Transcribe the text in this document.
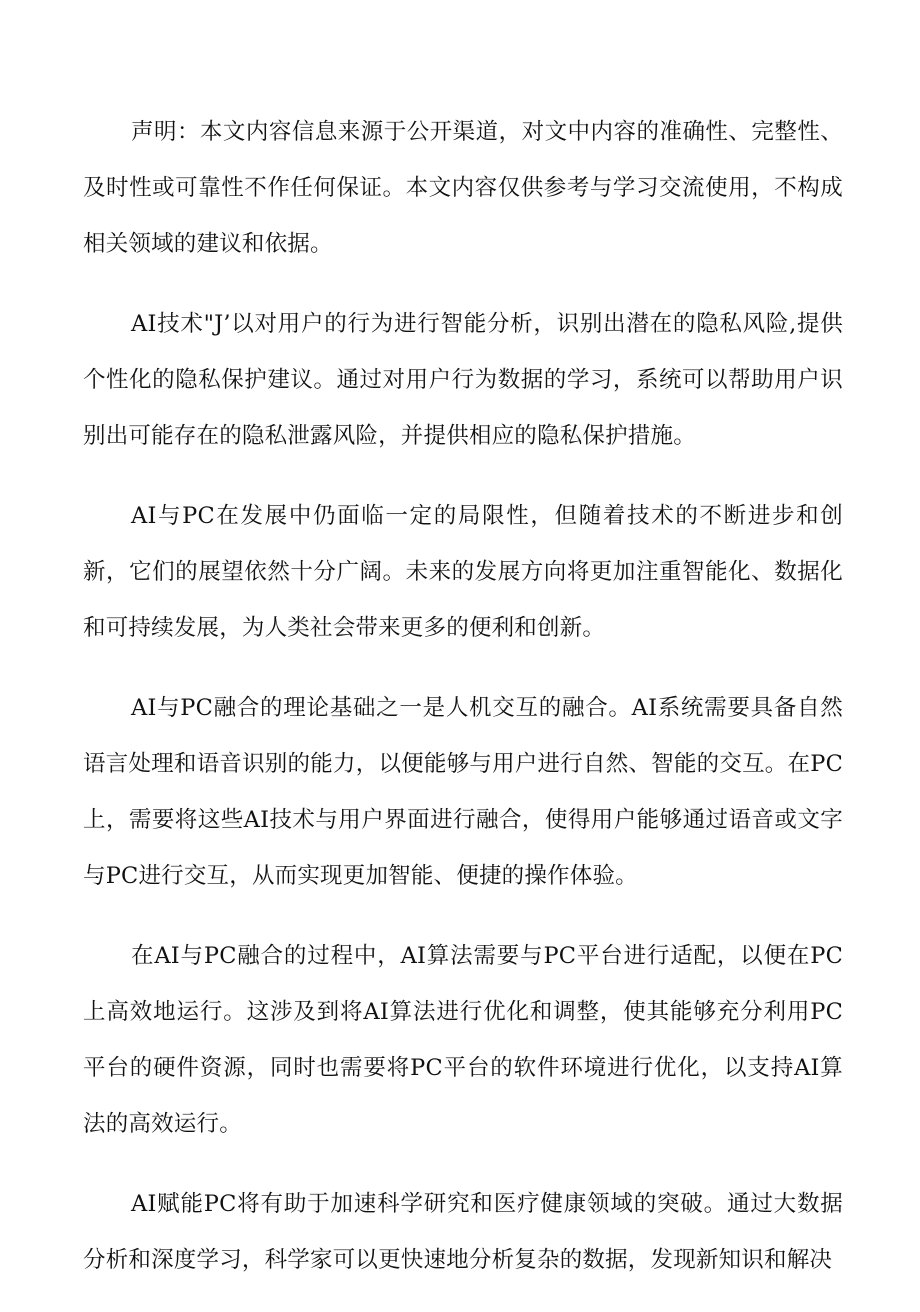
声明：本文内容信息来源于公开渠道，对文中内容的准确性、完整性、及时性或可靠性不作任何保证。本文内容仅供参考与学习交流使用，不构成相关领域的建议和依据。

AI技术"J’以对用户的行为进行智能分析，识别出潜在的隐私风险,提供个性化的隐私保护建议。通过对用户行为数据的学习，系统可以帮助用户识别出可能存在的隐私泄露风险，并提供相应的隐私保护措施。

AI与PC在发展中仍面临一定的局限性，但随着技术的不断进步和创新，它们的展望依然十分广阔。未来的发展方向将更加注重智能化、数据化和可持续发展，为人类社会带来更多的便利和创新。

AI与PC融合的理论基础之一是人机交互的融合。AI系统需要具备自然语言处理和语音识别的能力，以便能够与用户进行自然、智能的交互。在PC上，需要将这些AI技术与用户界面进行融合，使得用户能够通过语音或文字与PC进行交互，从而实现更加智能、便捷的操作体验。

在AI与PC融合的过程中，AI算法需要与PC平台进行适配，以便在PC上高效地运行。这涉及到将AI算法进行优化和调整，使其能够充分利用PC平台的硬件资源，同时也需要将PC平台的软件环境进行优化，以支持AI算法的高效运行。

AI赋能PC将有助于加速科学研究和医疗健康领域的突破。通过大数据分析和深度学习，科学家可以更快速地分析复杂的数据，发现新知识和解决
